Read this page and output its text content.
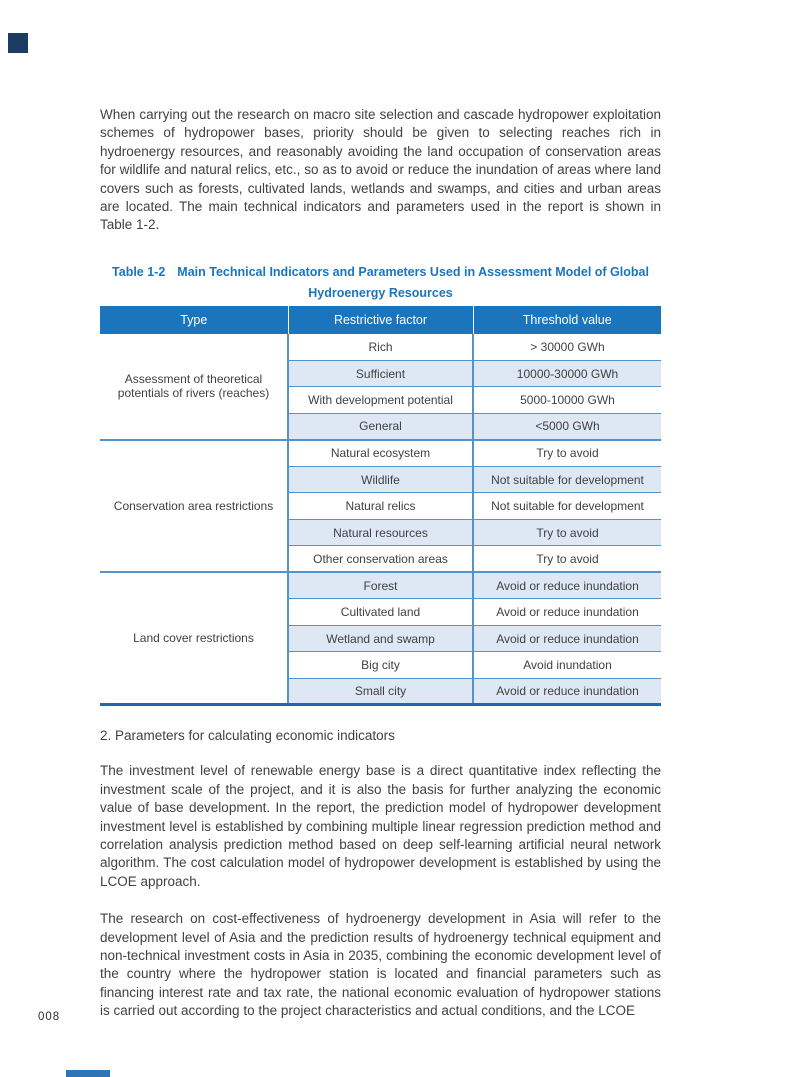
When carrying out the research on macro site selection and cascade hydropower exploitation schemes of hydropower bases, priority should be given to selecting reaches rich in hydroenergy resources, and reasonably avoiding the land occupation of conservation areas for wildlife and natural relics, etc., so as to avoid or reduce the inundation of areas where land covers such as forests, cultivated lands, wetlands and swamps, and cities and urban areas are located. The main technical indicators and parameters used in the report is shown in Table 1-2.

Table 1-2 Main Technical Indicators and Parameters Used in Assessment Model of Global Hydroenergy Resources
Type	Restrictive factor	Threshold value
Assessment of theoretical potentials of rivers (reaches)	Rich	> 30000 GWh
	Sufficient	10000-30000 GWh
	With development potential	5000-10000 GWh
	General	<5000 GWh
Conservation area restrictions	Natural ecosystem	Try to avoid
	Wildlife	Not suitable for development
	Natural relics	Not suitable for development
	Natural resources	Try to avoid
	Other conservation areas	Try to avoid
Land cover restrictions	Forest	Avoid or reduce inundation
	Cultivated land	Avoid or reduce inundation
	Wetland and swamp	Avoid or reduce inundation
	Big city	Avoid inundation
	Small city	Avoid or reduce inundation

2. Parameters for calculating economic indicators

The investment level of renewable energy base is a direct quantitative index reflecting the investment scale of the project, and it is also the basis for further analyzing the economic value of base development. In the report, the prediction model of hydropower development investment level is established by combining multiple linear regression prediction method and correlation analysis prediction method based on deep self-learning artificial neural network algorithm. The cost calculation model of hydropower development is established by using the LCOE approach.

The research on cost-effectiveness of hydroenergy development in Asia will refer to the development level of Asia and the prediction results of hydroenergy technical equipment and non-technical investment costs in Asia in 2035, combining the economic development level of the country where the hydropower station is located and financial parameters such as financing interest rate and tax rate, the national economic evaluation of hydropower stations is carried out according to the project characteristics and actual conditions, and the LCOE

008
